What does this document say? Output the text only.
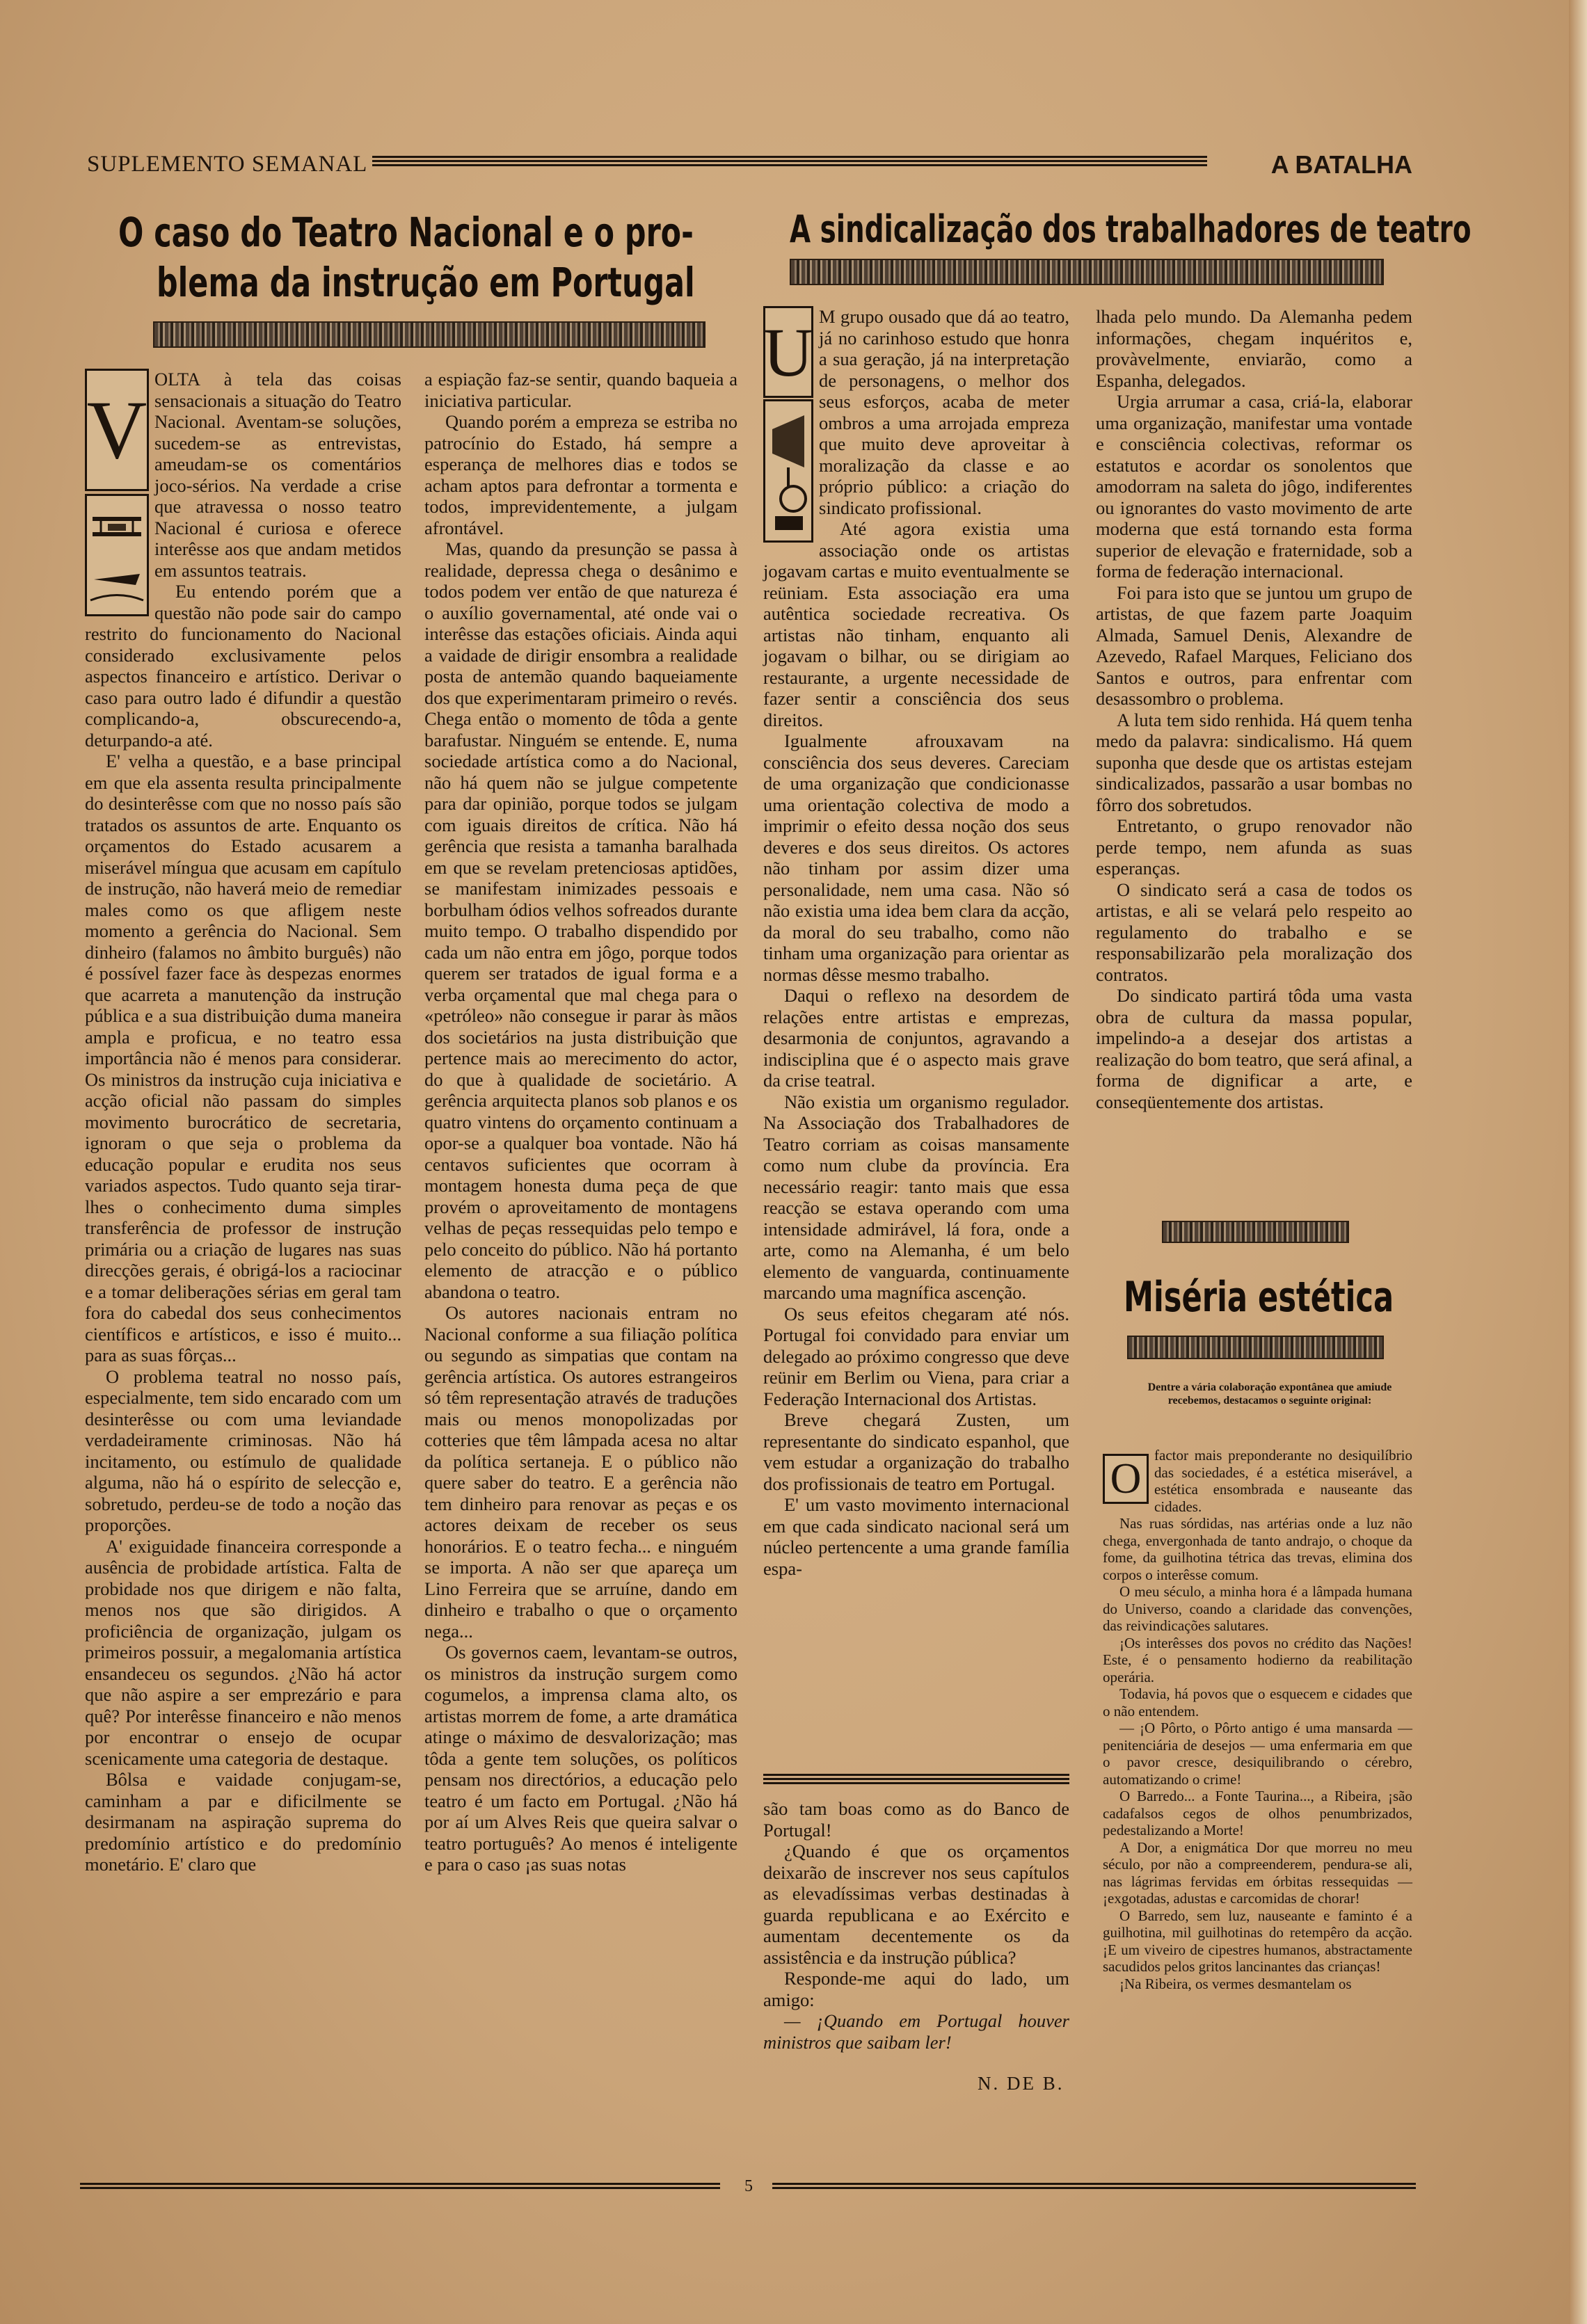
SUPLEMENTO SEMANAL	A BATALHA
O caso do Teatro Nacional e o pro-
blema da instrução em Portugal
V

OLTA à tela das coisas sensacionais a situação do Teatro Nacional. Aventam-se soluções, sucedem-se as entrevistas, ameudam-se os comentários joco-sérios. Na verdade a crise que atravessa o nosso teatro Nacional é curiosa e oferece interêsse aos que andam metidos em assuntos teatrais.

Eu entendo porém que a questão não pode sair do campo restrito do funcionamento do Nacional considerado exclusivamente pelos aspectos financeiro e artístico. Derivar o caso para outro lado é difundir a questão complicando-a, obscurecendo-a, deturpando-a até.

E' velha a questão, e a base principal em que ela assenta resulta principalmente do desinterêsse com que no nosso país são tratados os assuntos de arte. Enquanto os orçamentos do Estado acusarem a miserável míngua que acusam em capítulo de instrução, não haverá meio de remediar males como os que afligem neste momento a gerência do Nacional. Sem dinheiro (falamos no âmbito burguês) não é possível fazer face às despezas enormes que acarreta a manutenção da instrução pública e a sua distribuição duma maneira ampla e proficua, e no teatro essa importância não é menos para considerar. Os ministros da instrução cuja iniciativa e acção oficial não passam do simples movimento burocrático de secretaria, ignoram o que seja o problema da educação popular e erudita nos seus variados aspectos. Tudo quanto seja tirar-lhes o conhecimento duma simples transferência de professor de instrução primária ou a criação de lugares nas suas direcções gerais, é obrigá-los a raciocinar e a tomar deliberações sérias em geral tam fora do cabedal dos seus conhecimentos científicos e artísticos, e isso é muito... para as suas fôrças...

O problema teatral no nosso país, especialmente, tem sido encarado com um desinterêsse ou com uma leviandade verdadeiramente criminosas. Não há incitamento, ou estímulo de qualidade alguma, não há o espírito de selecção e, sobretudo, perdeu-se de todo a noção das proporções.

A' exiguidade financeira corresponde a ausência de probidade artística. Falta de probidade nos que dirigem e não falta, menos nos que são dirigidos. A proficiência de organização, julgam os primeiros possuir, a megalomania artística ensandeceu os segundos. ¿Não há actor que não aspire a ser emprezário e para quê? Por interêsse financeiro e não menos por encontrar o ensejo de ocupar scenicamente uma categoria de destaque.

Bôlsa e vaidade conjugam-se, caminham a par e dificilmente se desirmanam na aspiração suprema do predomínio artístico e do predomínio monetário. E' claro que

a espiação faz-se sentir, quando baqueia a iniciativa particular.

Quando porém a empreza se estriba no patrocínio do Estado, há sempre a esperança de melhores dias e todos se acham aptos para defrontar a tormenta e todos, imprevidentemente, a julgam afrontável.

Mas, quando da presunção se passa à realidade, depressa chega o desânimo e todos podem ver então de que natureza é o auxílio governamental, até onde vai o interêsse das estações oficiais. Ainda aqui a vaidade de dirigir ensombra a realidade posta de antemão quando baqueiamente dos que experimentaram primeiro o revés. Chega então o momento de tôda a gente barafustar. Ninguém se entende. E, numa sociedade artística como a do Nacional, não há quem não se julgue competente para dar opinião, porque todos se julgam com iguais direitos de crítica. Não há gerência que resista a tamanha baralhada em que se revelam pretenciosas aptidões, se manifestam inimizades pessoais e borbulham ódios velhos sofreados durante muito tempo. O trabalho dispendido por cada um não entra em jôgo, porque todos querem ser tratados de igual forma e a verba orçamental que mal chega para o «petróleo» não consegue ir parar às mãos dos societários na justa distribuição que pertence mais ao merecimento do actor, do que à qualidade de societário. A gerência arquitecta planos sob planos e os quatro vintens do orçamento continuam a opor-se a qualquer boa vontade. Não há centavos suficientes que ocorram à montagem honesta duma peça de que provém o aproveitamento de montagens velhas de peças ressequidas pelo tempo e pelo conceito do público. Não há portanto elemento de atracção e o público abandona o teatro.

Os autores nacionais entram no Nacional conforme a sua filiação política ou segundo as simpatias que contam na gerência artística. Os autores estrangeiros só têm representação através de traduções mais ou menos monopolizadas por cotteries que têm lâmpada acesa no altar da política sertaneja. E o público não quere saber do teatro. E a gerência não tem dinheiro para renovar as peças e os actores deixam de receber os seus honorários. E o teatro fecha... e ninguém se importa. A não ser que apareça um Lino Ferreira que se arruíne, dando em dinheiro e trabalho o que o orçamento nega...

Os governos caem, levantam-se outros, os ministros da instrução surgem como cogumelos, a imprensa clama alto, os artistas morrem de fome, a arte dramática atinge o máximo de desvalorização; mas tôda a gente tem soluções, os políticos pensam nos directórios, a educação pelo teatro é um facto em Portugal. ¿Não há por aí um Alves Reis que queira salvar o teatro português? Ao menos é inteligente e para o caso ¡as suas notas

A sindicalização dos trabalhadores de teatro
U M grupo ousado que dá ao teatro, já no carinhoso estudo que honra a sua geração, já na interpretação de personagens, o melhor dos seus esforços, acaba de meter ombros a uma arrojada empreza que muito deve aproveitar à moralização da classe e ao próprio público: a criação do sindicato profissional.

Até agora existia uma associação onde os artistas jogavam cartas e muito eventualmente se reüniam. Esta associação era uma autêntica sociedade recreativa. Os artistas não tinham, enquanto ali jogavam o bilhar, ou se dirigiam ao restaurante, a urgente necessidade de fazer sentir a consciência dos seus direitos.

Igualmente afrouxavam na consciência dos seus deveres. Careciam de uma organização que condicionasse uma orientação colectiva de modo a imprimir o efeito dessa noção dos seus deveres e dos seus direitos. Os actores não tinham por assim dizer uma personalidade, nem uma casa. Não só não existia uma idea bem clara da acção, da moral do seu trabalho, como não tinham uma organização para orientar as normas dêsse mesmo trabalho.

Daqui o reflexo na desordem de relações entre artistas e emprezas, desarmonia de conjuntos, agravando a indisciplina que é o aspecto mais grave da crise teatral.

Não existia um organismo regulador. Na Associação dos Trabalhadores de Teatro corriam as coisas mansamente como num clube da província. Era necessário reagir: tanto mais que essa reacção se estava operando com uma intensidade admirável, lá fora, onde a arte, como na Alemanha, é um belo elemento de vanguarda, continuamente marcando uma magnífica ascenção.

Os seus efeitos chegaram até nós. Portugal foi convidado para enviar um delegado ao próximo congresso que deve reünir em Berlim ou Viena, para criar a Federação Internacional dos Artistas.

Breve chegará Zusten, um representante do sindicato espanhol, que vem estudar a organização do trabalho dos profissionais de teatro em Portugal.

E' um vasto movimento internacional em que cada sindicato nacional será um núcleo pertencente a uma grande família espa-

são tam boas como as do Banco de Portugal!

¿Quando é que os orçamentos deixarão de inscrever nos seus capítulos as elevadíssimas verbas destinadas à guarda republicana e ao Exército e aumentam decentemente os da assistência e da instrução pública?

Responde-me aqui do lado, um amigo:

— ¡Quando em Portugal houver ministros que saibam ler!

N. DE B.

lhada pelo mundo. Da Alemanha pedem informações, chegam inquéritos e, provàvelmente, enviarão, como a Espanha, delegados.

Urgia arrumar a casa, criá-la, elaborar uma organização, manifestar uma vontade e consciência colectivas, reformar os estatutos e acordar os sonolentos que amodorram na saleta do jôgo, indiferentes ou ignorantes do vasto movimento de arte moderna que está tornando esta forma superior de elevação e fraternidade, sob a forma de federação internacional.

Foi para isto que se juntou um grupo de artistas, de que fazem parte Joaquim Almada, Samuel Denis, Alexandre de Azevedo, Rafael Marques, Feliciano dos Santos e outros, para enfrentar com desassombro o problema.

A luta tem sido renhida. Há quem tenha medo da palavra: sindicalismo. Há quem suponha que desde que os artistas estejam sindicalizados, passarão a usar bombas no fôrro dos sobretudos.

Entretanto, o grupo renovador não perde tempo, nem afunda as suas esperanças.

O sindicato será a casa de todos os artistas, e ali se velará pelo respeito ao regulamento do trabalho e se responsabilizarão pela moralização dos contratos.

Do sindicato partirá tôda uma vasta obra de cultura da massa popular, impelindo-a a desejar dos artistas a realização do bom teatro, que será afinal, a forma de dignificar a arte, e conseqüentemente dos artistas.

Miséria estética
Dentre a vária colaboração expontânea que amiude recebemos, destacamos o seguinte original:
O factor mais preponderante no desiquilíbrio das sociedades, é a estética miserável, a estética ensombrada e nauseante das cidades.

Nas ruas sórdidas, nas artérias onde a luz não chega, envergonhada de tanto andrajo, o choque da fome, da guilhotina tétrica das trevas, elimina dos corpos o interêsse comum.

O meu século, a minha hora é a lâmpada humana do Universo, coando a claridade das convenções, das reivindicações salutares.

¡Os interêsses dos povos no crédito das Nações! Este, é o pensamento hodierno da reabilitação operária.

Todavia, há povos que o esquecem e cidades que o não entendem.

— ¡O Pôrto, o Pôrto antigo é uma mansarda — penitenciária de desejos — uma enfermaria em que o pavor cresce, desiquilibrando o cérebro, automatizando o crime!

O Barredo... a Fonte Taurina..., a Ribeira, ¡são cadafalsos cegos de olhos penumbrizados, pedestalizando a Morte!

A Dor, a enigmática Dor que morreu no meu século, por não a compreenderem, pendura-se ali, nas lágrimas fervidas em órbitas ressequidas — ¡exgotadas, adustas e carcomidas de chorar!

O Barredo, sem luz, nauseante e faminto é a guilhotina, mil guilhotinas do retempêro da acção. ¡E um viveiro de cipestres humanos, abstractamente sacudidos pelos gritos lancinantes das crianças!

¡Na Ribeira, os vermes desmantelam os

5
